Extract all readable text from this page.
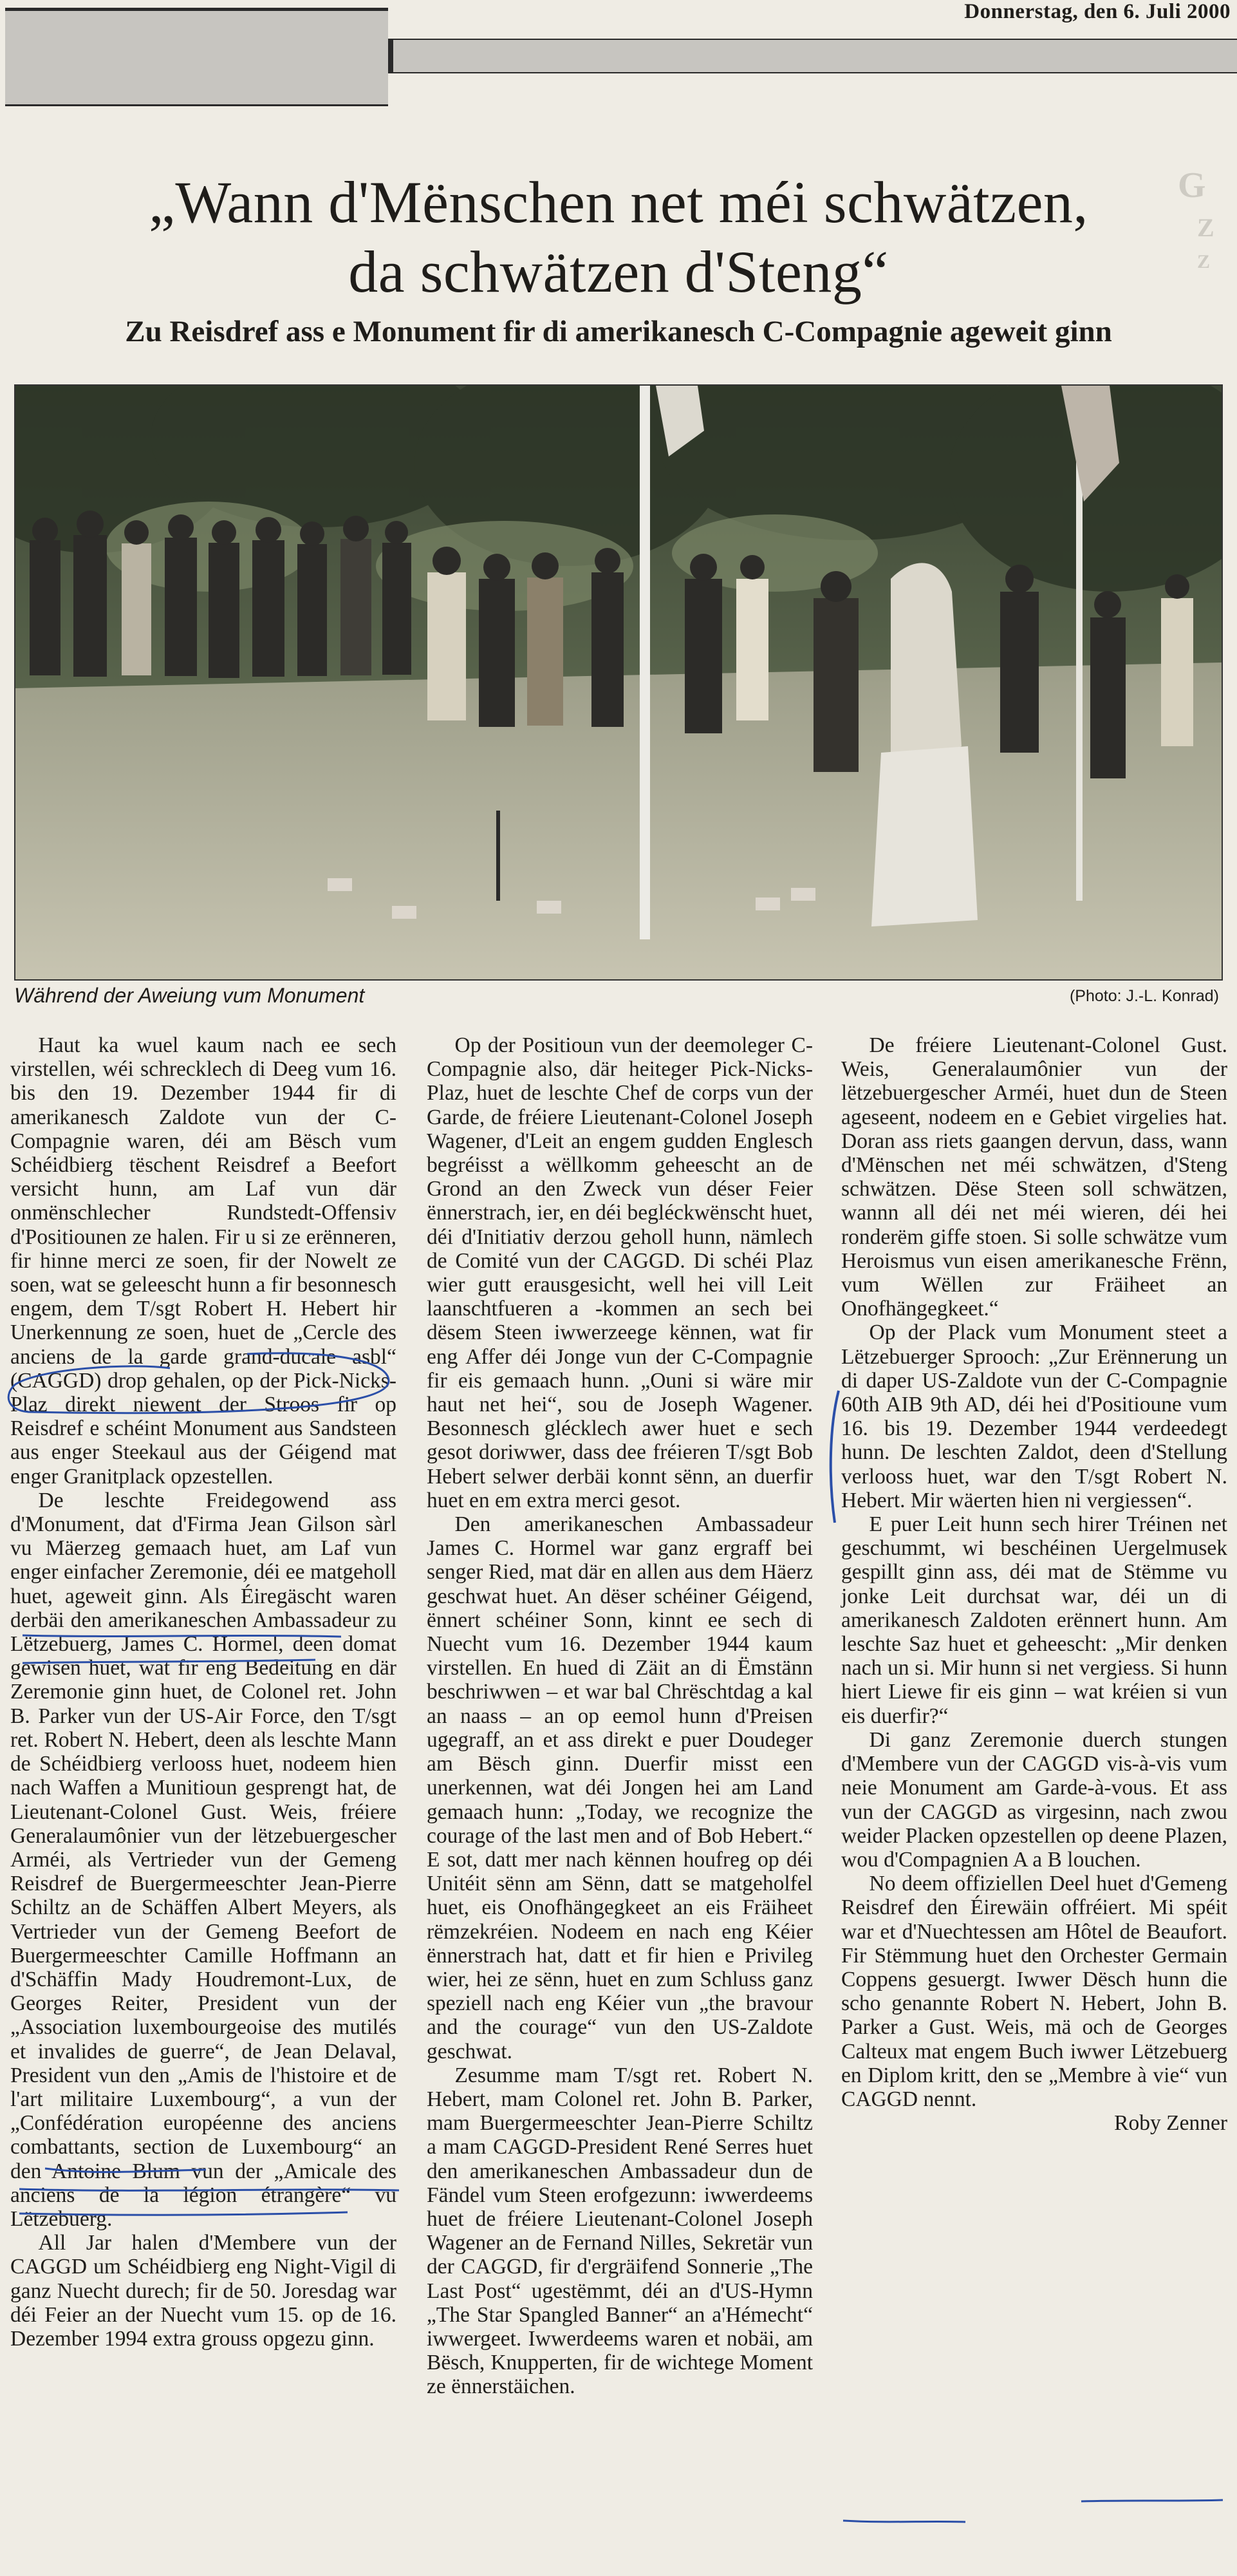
Donnerstag, den 6. Juli 2000
G
Z
Z
„Wann d'Mënschen net méi schwätzen,
da schwätzen d'Steng“
Zu Reisdref ass e Monument fir di amerikanesch C-Compagnie ageweit ginn
Während der Aweiung vum Monument	(Photo: J.-L. Konrad)

Haut ka wuel kaum nach ee sech virstellen, wéi schrecklech di Deeg vum 16. bis den 19. Dezember 1944 fir di amerikanesch Zaldote vun der C-Compagnie waren, déi am Bësch vum Schéidbierg tëschent Reisdref a Beefort versicht hunn, am Laf vun där onmënschlecher Rundstedt-Offensiv d'Positiounen ze halen. Fir u si ze erënneren, fir hinne merci ze soen, fir der Nowelt ze soen, wat se geleescht hunn a fir besonnesch engem, dem T/sgt Robert H. Hebert hir Unerkennung ze soen, huet de „Cercle des anciens de la garde grand-ducale asbl“ (CAGGD) drop gehalen, op der Pick-Nicks-Plaz direkt niewent der Stroos fir op Reisdref e schéint Monument aus Sandsteen aus enger Steekaul aus der Géigend mat enger Granitplack opzestellen.

De leschte Freidegowend ass d'Monument, dat d'Firma Jean Gilson sàrl vu Mäerzeg gemaach huet, am Laf vun enger einfacher Zeremonie, déi ee matgeholl huet, ageweit ginn. Als Éiregäscht waren derbäi den amerikaneschen Ambassadeur zu Lëtzebuerg, James C. Hormel, deen domat gewisen huet, wat fir eng Bedeitung en där Zeremonie ginn huet, de Colonel ret. John B. Parker vun der US-Air Force, den T/sgt ret. Robert N. Hebert, deen als leschte Mann de Schéidbierg verlooss huet, nodeem hien nach Waffen a Munitioun gesprengt hat, de Lieutenant-Colonel Gust. Weis, fréiere Generalaumônier vun der lëtzebuergescher Arméi, als Vertrieder vun der Gemeng Reisdref de Buergermeeschter Jean-Pierre Schiltz an de Schäffen Albert Meyers, als Vertrieder vun der Gemeng Beefort de Buergermeeschter Camille Hoffmann an d'Schäffin Mady Houdremont-Lux, de Georges Reiter, President vun der „Association luxembourgeoise des mutilés et invalides de guerre“, de Jean Delaval, President vun den „Amis de l'histoire et de l'art militaire Luxembourg“, a vun der „Confédération européenne des anciens combattants, section de Luxembourg“ an den Antoine Blum vun der „Amicale des anciens de la légion étrangère“ vu Lëtzebuerg.

All Jar halen d'Membere vun der CAGGD um Schéidbierg eng Night-Vigil di ganz Nuecht durech; fir de 50. Joresdag war déi Feier an der Nuecht vum 15. op de 16. Dezember 1994 extra grouss opgezu ginn.

Op der Positioun vun der deemoleger C-Compagnie also, där heiteger Pick-Nicks-Plaz, huet de leschte Chef de corps vun der Garde, de fréiere Lieutenant-Colonel Joseph Wagener, d'Leit an engem gudden Englesch begréisst a wëllkomm geheescht an de Grond an den Zweck vun déser Feier ënnerstrach, ier, en déi begléckwënscht huet, déi d'Initiativ derzou geholl hunn, nämlech de Comité vun der CAGGD. Di schéi Plaz wier gutt erausgesicht, well hei vill Leit laanschtfueren a -kommen an sech bei dësem Steen iwwerzeege kënnen, wat fir eng Affer déi Jonge vun der C-Compagnie fir eis gemaach hunn. „Ouni si wäre mir haut net hei“, sou de Joseph Wagener. Besonnesch glécklech awer huet e sech gesot doriwwer, dass dee fréieren T/sgt Bob Hebert selwer derbäi konnt sënn, an duerfir huet en em extra merci gesot.

Den amerikaneschen Ambassadeur James C. Hormel war ganz ergraff bei senger Ried, mat där en allen aus dem Häerz geschwat huet. An dëser schéiner Géigend, ënnert schéiner Sonn, kinnt ee sech di Nuecht vum 16. Dezember 1944 kaum virstellen. En hued di Zäit an di Ëmstänn beschriwwen – et war bal Chrëschtdag a kal an naass – an op eemol hunn d'Preisen ugegraff, an et ass direkt e puer Doudeger am Bësch ginn. Duerfir misst een unerkennen, wat déi Jongen hei am Land gemaach hunn: „Today, we recognize the courage of the last men and of Bob Hebert.“ E sot, datt mer nach kënnen houfreg op déi Unitéit sënn am Sënn, datt se matgeholfel huet, eis Onofhängegkeet an eis Fräiheet rëmzekréien. Nodeem en nach eng Kéier ënnerstrach hat, datt et fir hien e Privileg wier, hei ze sënn, huet en zum Schluss ganz speziell nach eng Kéier vun „the bravour and the courage“ vun den US-Zaldote geschwat.

Zesumme mam T/sgt ret. Robert N. Hebert, mam Colonel ret. John B. Parker, mam Buergermeeschter Jean-Pierre Schiltz a mam CAGGD-President René Serres huet den amerikaneschen Ambassadeur dun de Fändel vum Steen erofgezunn: iwwerdeems huet de fréiere Lieutenant-Colonel Joseph Wagener an de Fernand Nilles, Sekretär vun der CAGGD, fir d'ergräifend Sonnerie „The Last Post“ ugestëmmt, déi an d'US-Hymn „The Star Spangled Banner“ an a'Hémecht“ iwwergeet. Iwwerdeems waren et nobäi, am Bësch, Knupperten, fir de wichtege Moment ze ënnerstäichen.

De fréiere Lieutenant-Colonel Gust. Weis, Generalaumônier vun der lëtzebuergescher Arméi, huet dun de Steen ageseent, nodeem en e Gebiet virgelies hat. Doran ass riets gaangen dervun, dass, wann d'Mënschen net méi schwätzen, d'Steng schwätzen. Dëse Steen soll schwätzen, wannn all déi net méi wieren, déi hei ronderëm giffe stoen. Si solle schwätze vum Heroismus vun eisen amerikanesche Frënn, vum Wëllen zur Fräiheet an Onofhängegkeet.“

Op der Plack vum Monument steet a Lëtzebuerger Sprooch: „Zur Erënnerung un di daper US-Zaldote vun der C-Compagnie 60th AIB 9th AD, déi hei d'Positioune vum 16. bis 19. Dezember 1944 verdeedegt hunn. De leschten Zaldot, deen d'Stellung verlooss huet, war den T/sgt Robert N. Hebert. Mir wäerten hien ni vergiessen“.

E puer Leit hunn sech hirer Tréinen net geschummt, wi beschéinen Uergelmusek gespillt ginn ass, déi mat de Stëmme vu jonke Leit durchsat war, déi un di amerikanesch Zaldoten erënnert hunn. Am leschte Saz huet et geheescht: „Mir denken nach un si. Mir hunn si net vergiess. Si hunn hiert Liewe fir eis ginn – wat kréien si vun eis duerfir?“

Di ganz Zeremonie duerch stungen d'Membere vun der CAGGD vis-à-vis vum neie Monument am Garde-à-vous. Et ass vun der CAGGD as virgesinn, nach zwou weider Placken opzestellen op deene Plazen, wou d'Compagnien A a B louchen.

No deem offiziellen Deel huet d'Gemeng Reisdref den Éirewäin offréiert. Mi spéit war et d'Nuechtessen am Hôtel de Beaufort. Fir Stëmmung huet den Orchester Germain Coppens gesuergt. Iwwer Dësch hunn die scho genannte Robert N. Hebert, John B. Parker a Gust. Weis, mä och de Georges Calteux mat engem Buch iwwer Lëtzebuerg en Diplom kritt, den se „Membre à vie“ vun CAGGD nennt.

Roby Zenner
